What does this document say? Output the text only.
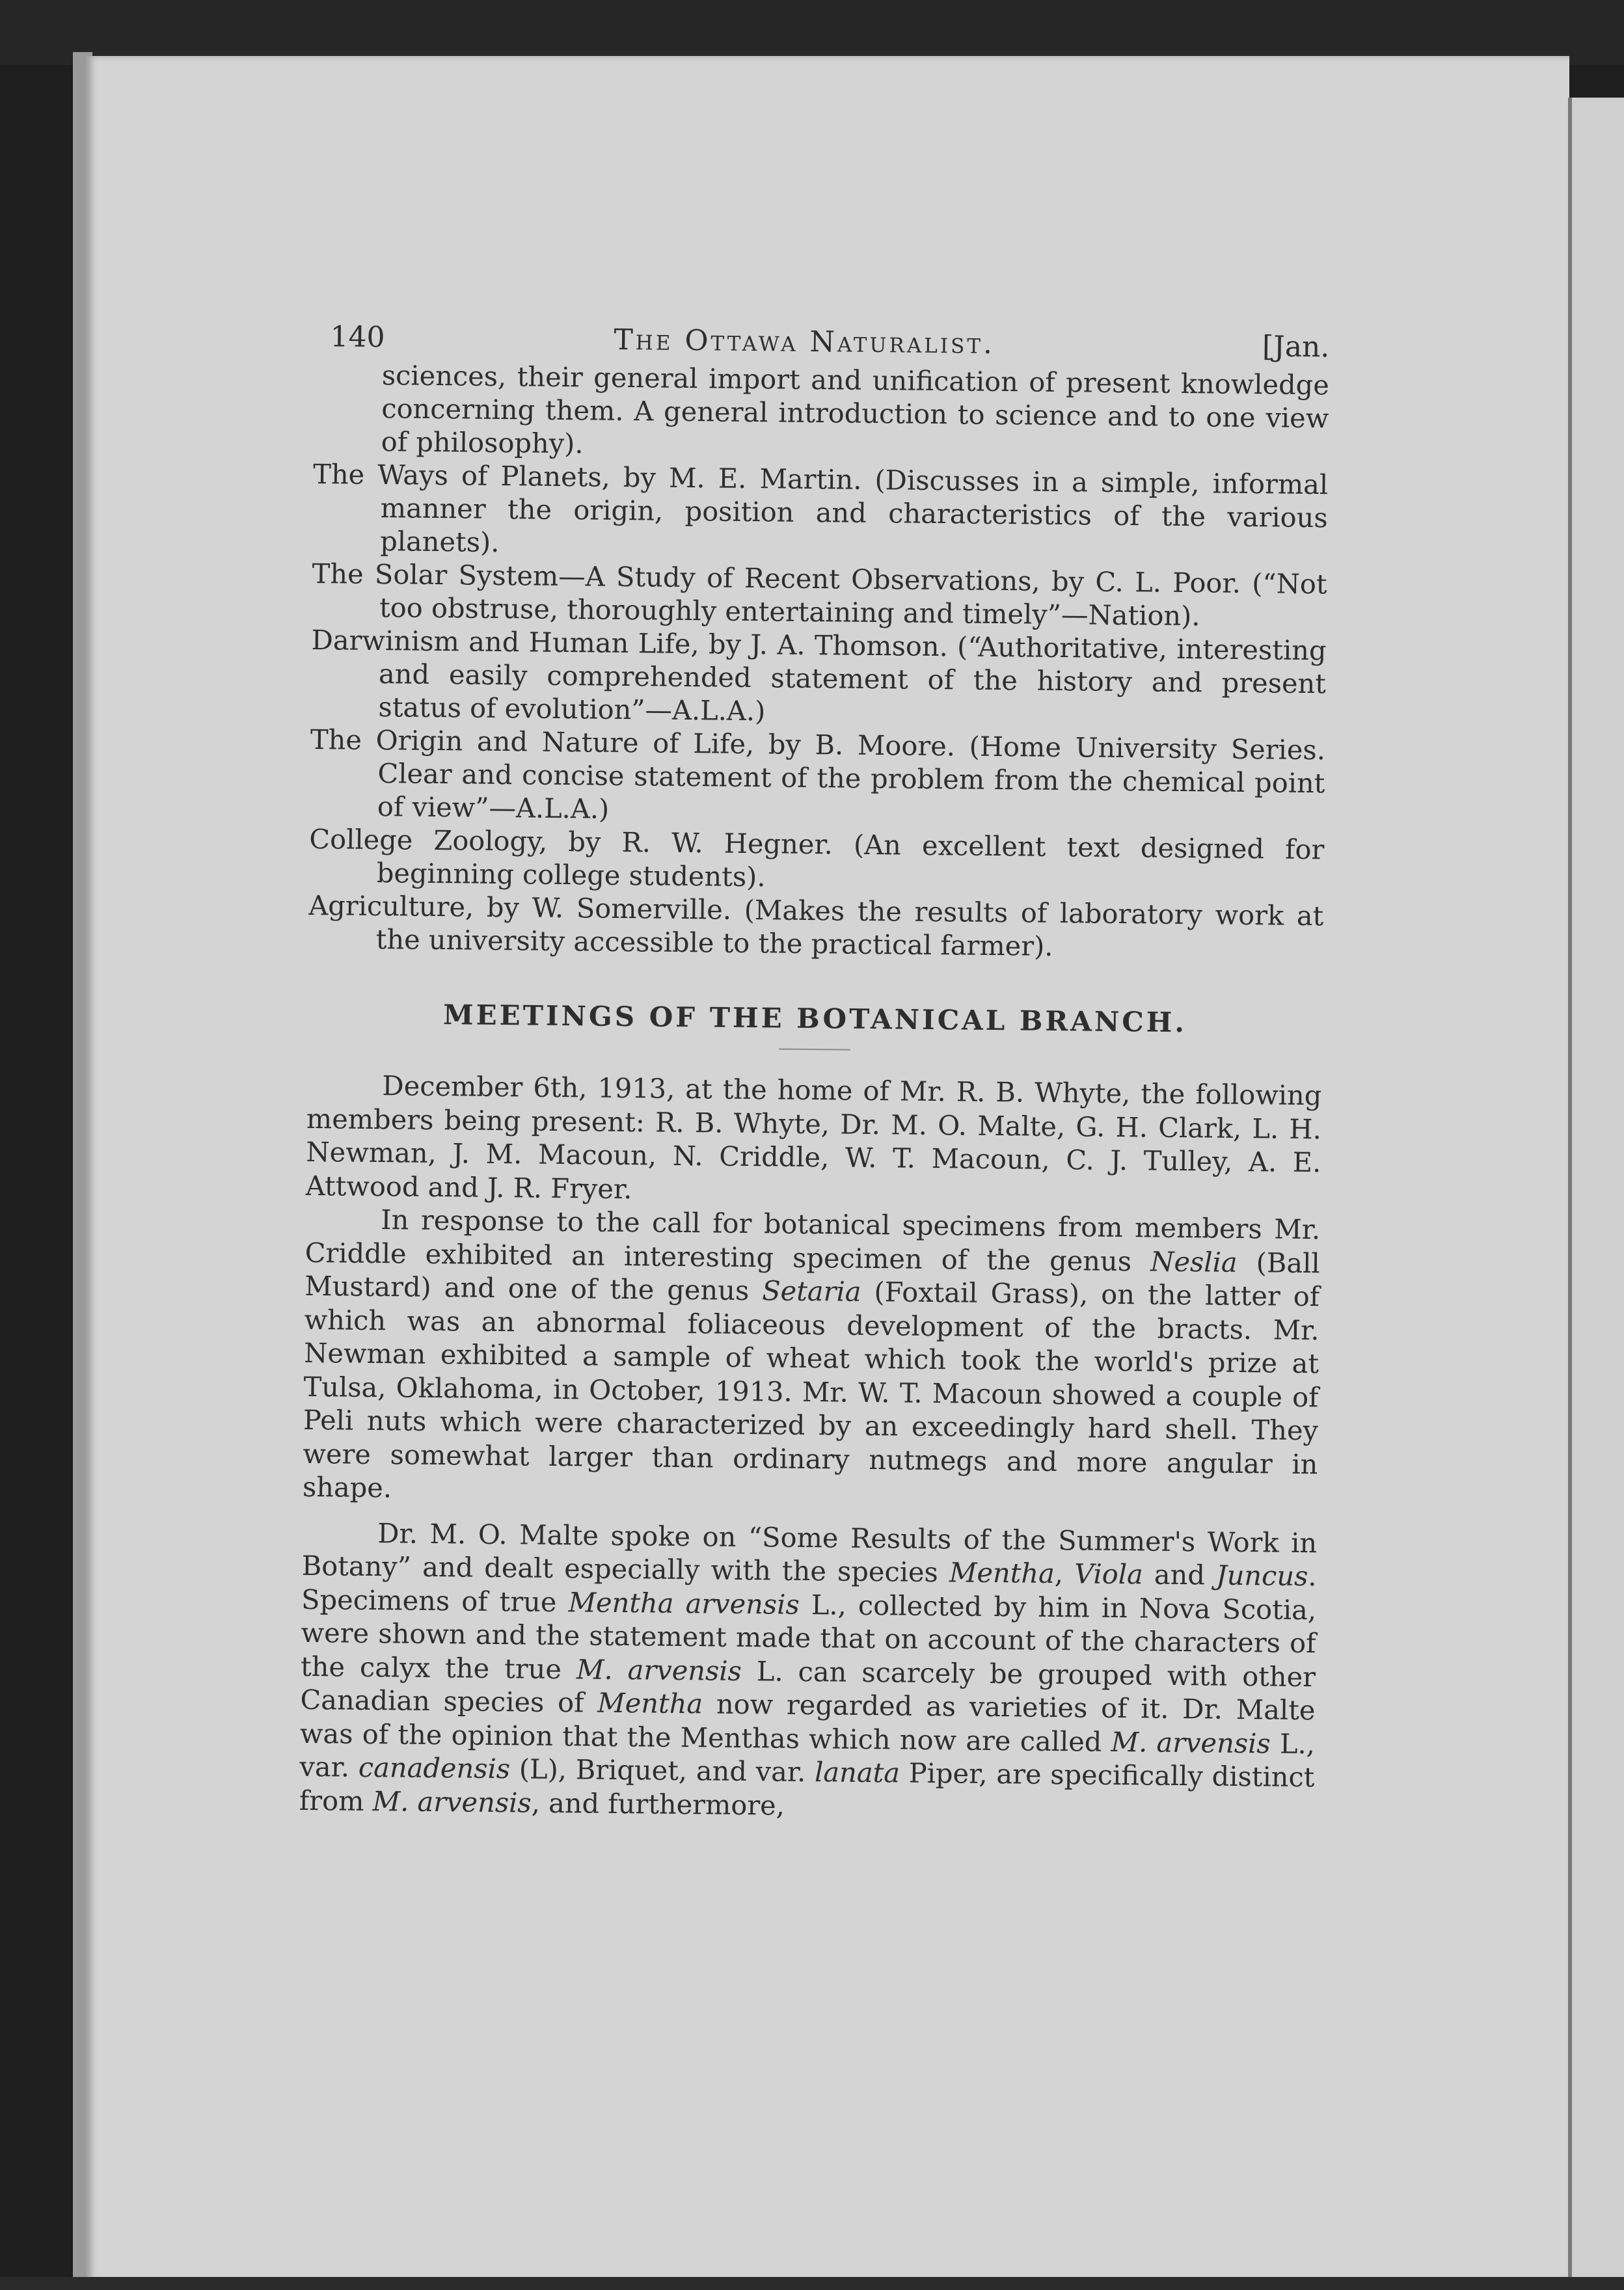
140	The Ottawa Naturalist.	[Jan.

sciences, their general import and unification of present knowledge concerning them. A general introduction to science and to one view of philosophy).

The Ways of Planets, by M. E. Martin. (Discusses in a simple, informal manner the origin, position and characteristics of the various planets).

The Solar System—A Study of Recent Observations, by C. L. Poor. (“Not too obstruse, thoroughly entertaining and timely”—Nation).

Darwinism and Human Life, by J. A. Thomson. (“Authoritative, interesting and easily comprehended statement of the history and present status of evolution”—A.L.A.)

The Origin and Nature of Life, by B. Moore. (Home University Series. Clear and concise statement of the problem from the chemical point of view”—A.L.A.)

College Zoology, by R. W. Hegner. (An excellent text designed for beginning college students).

Agriculture, by W. Somerville. (Makes the results of laboratory work at the university accessible to the practical farmer).

MEETINGS OF THE BOTANICAL BRANCH.

December 6th, 1913, at the home of Mr. R. B. Whyte, the following members being present: R. B. Whyte, Dr. M. O. Malte, G. H. Clark, L. H. Newman, J. M. Macoun, N. Criddle, W. T. Macoun, C. J. Tulley, A. E. Attwood and J. R. Fryer.

In response to the call for botanical specimens from members Mr. Criddle exhibited an interesting specimen of the genus Neslia (Ball Mustard) and one of the genus Setaria (Foxtail Grass), on the latter of which was an abnormal foliaceous development of the bracts. Mr. Newman exhibited a sample of wheat which took the world's prize at Tulsa, Oklahoma, in October, 1913. Mr. W. T. Macoun showed a couple of Peli nuts which were characterized by an exceedingly hard shell. They were somewhat larger than ordinary nutmegs and more angular in shape.

Dr. M. O. Malte spoke on “Some Results of the Summer's Work in Botany” and dealt especially with the species Mentha, Viola and Juncus. Specimens of true Mentha arvensis L., collected by him in Nova Scotia, were shown and the statement made that on account of the characters of the calyx the true M. arvensis L. can scarcely be grouped with other Canadian species of Mentha now regarded as varieties of it. Dr. Malte was of the opinion that the Menthas which now are called M. arvensis L., var. canadensis (L), Briquet, and var. lanata Piper, are specifically distinct from M. arvensis, and furthermore,
